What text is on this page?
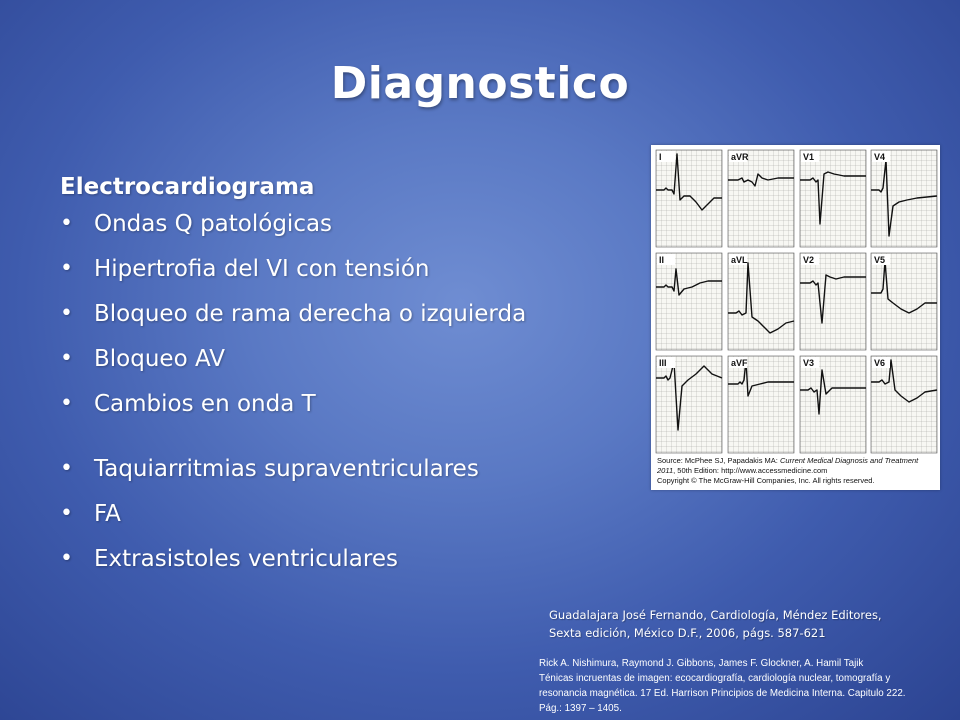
Diagnostico
Electrocardiograma
• Ondas Q patológicas
• Hipertrofia del VI con tensión
• Bloqueo de rama derecha o izquierda
• Bloqueo AV
• Cambios en onda T
• Taquiarritmias supraventriculares
• FA
• Extrasistoles ventriculares
I	aVR	V1	V4
II	aVL	V2	V5
III	aVF	V3	V6
Source: McPhee SJ, Papadakis MA: Current Medical Diagnosis and Treatment 2011, 50th Edition: http://www.accessmedicine.com
Copyright © The McGraw-Hill Companies, Inc. All rights reserved.
Guadalajara José Fernando, Cardiología, Méndez Editores,
Sexta edición, México D.F., 2006, págs. 587-621
Rick A. Nishimura, Raymond J. Gibbons, James F. Glockner, A. Hamil Tajik
Ténicas incruentas de imagen: ecocardiografía, cardiología nuclear, tomografía y
resonancia magnética. 17 Ed. Harrison Principios de Medicina Interna. Capitulo 222.
Pág.: 1397 – 1405.
